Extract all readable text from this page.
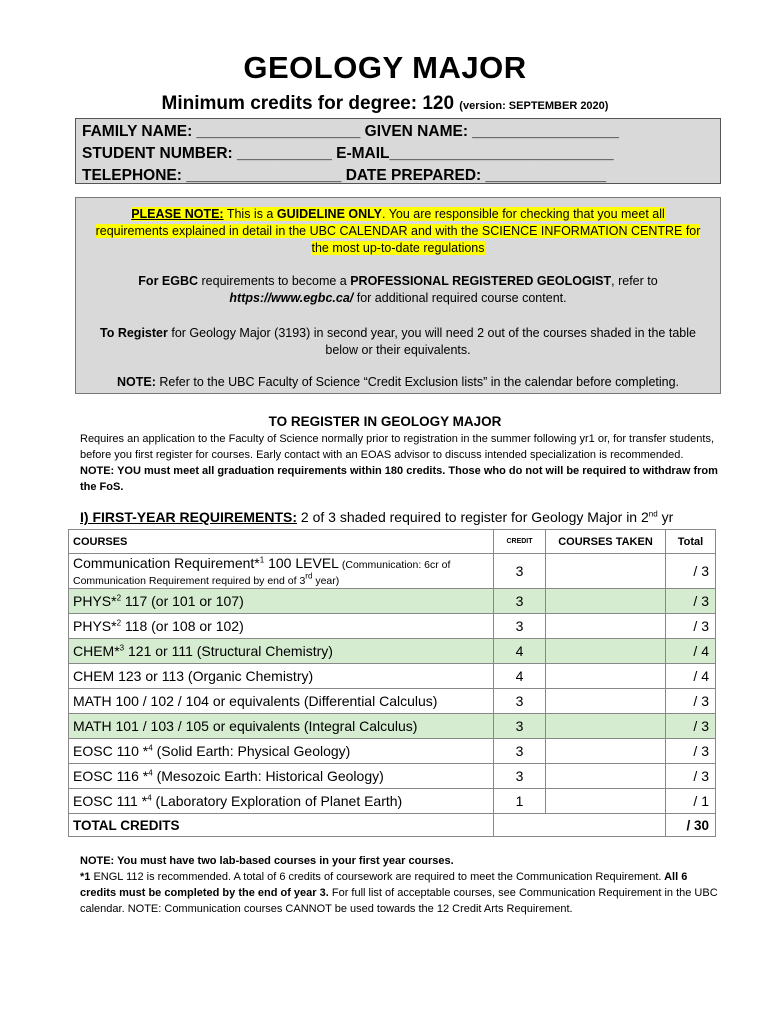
GEOLOGY MAJOR
Minimum credits for degree: 120 (version: SEPTEMBER 2020)
FAMILY NAME: ___________________ GIVEN NAME: _________________
STUDENT NUMBER: ___________ E-MAIL__________________________
TELEPHONE: __________________ DATE PREPARED: ______________

PLEASE NOTE: This is a GUIDELINE ONLY. You are responsible for checking that you meet all requirements explained in detail in the UBC CALENDAR and with the SCIENCE INFORMATION CENTRE for the most up-to-date regulations

For EGBC requirements to become a PROFESSIONAL REGISTERED GEOLOGIST, refer to
https://www.egbc.ca/ for additional required course content.

To Register for Geology Major (3193) in second year, you will need 2 out of the courses shaded in the table below or their equivalents.

NOTE: Refer to the UBC Faculty of Science “Credit Exclusion lists” in the calendar before completing.

TO REGISTER IN GEOLOGY MAJOR
Requires an application to the Faculty of Science normally prior to registration in the summer following yr1 or, for transfer students, before you first register for courses. Early contact with an EOAS advisor to discuss intended specialization is recommended. NOTE: YOU must meet all graduation requirements within 180 credits. Those who do not will be required to withdraw from the FoS.
I) FIRST-YEAR REQUIREMENTS: 2 of 3 shaded required to register for Geology Major in 2nd yr
COURSES	CREDIT	COURSES TAKEN	Total
Communication Requirement*$^1$ 100 LEVEL (Communication: 6cr of Communication Requirement required by end of 3rd year)	3		/ 3
PHYS*$^2$ 117 (or 101 or 107)	3		/ 3
PHYS*$^2$ 118 (or 108 or 102)	3		/ 3
CHEM*$^3$ 121 or 111 (Structural Chemistry)	4		/ 4
CHEM 123 or 113 (Organic Chemistry)	4		/ 4
MATH 100 / 102 / 104 or equivalents (Differential Calculus)	3		/ 3
MATH 101 / 103 / 105 or equivalents (Integral Calculus)	3		/ 3
EOSC 110 *$^4$ (Solid Earth: Physical Geology)	3		/ 3
EOSC 116 *$^4$ (Mesozoic Earth: Historical Geology)	3		/ 3
EOSC 111 *$^4$ (Laboratory Exploration of Planet Earth)	1		/ 1
TOTAL CREDITS			/ 30

NOTE: You must have two lab-based courses in your first year courses.

*1 ENGL 112 is recommended. A total of 6 credits of coursework are required to meet the Communication Requirement. All 6 credits must be completed by the end of year 3. For full list of acceptable courses, see Communication Requirement in the UBC calendar. NOTE: Communication courses CANNOT be used towards the 12 Credit Arts Requirement.
